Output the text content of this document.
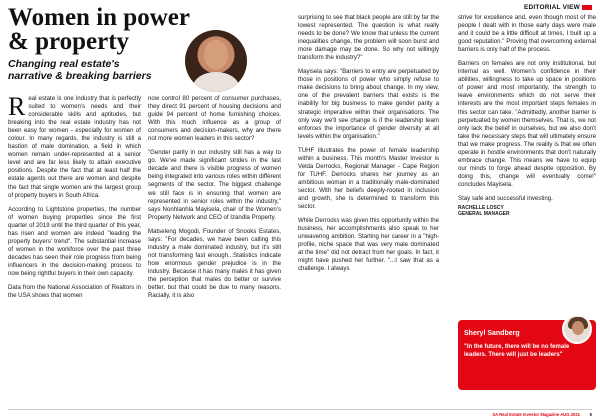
EDITORIAL VIEW
Women in power
& property
Changing real estate's
narrative & breaking barriers

Real estate is one industry that is perfectly suited to women's needs and their considerable skills and aptitudes, but breaking into the real estate industry has not been easy for women - especially for women of colour. In many regards, the industry is still a bastion of male domination, a field in which women remain under-represented at a senior level and are far less likely to attain executive positions. Despite the fact that at least half the estate agents out there are women and despite the fact that single women are the largest group of property buyers in South Africa.

According to Lightstone properties, the number of women buying properties since the first quarter of 2019 until the third quarter of this year, has risen and women are indeed "leading the property buyers' trend". The substantial increase of women in the workforce over the past three decades has seen their role progress from being influencers in the decision-making process to now being rightful buyers in their own capacity.

Data from the National Association of Realtors in the USA shows that women

now control 80 percent of consumer purchases, they direct 91 percent of housing decisions and guide 94 percent of home furnishing choices. With this much influence as a group of consumers and decision-makers, why are there not more women leaders in this sector?

"Gender parity in our industry still has a way to go. We've made significant strides in the last decade and there is visible progress of women being integrated into various roles within different segments of the sector. The biggest challenge we still face is in ensuring that women are represented in senior roles within the industry," says Nonhlanhla Mayisela, chair of the Women's Property Network and CEO of Izandla Property.

Matseleng Mogodi, Founder of Snooks Estates, says: "For decades, we have been calling this industry a male dominated industry, but it's still not transforming fast enough...Statistics indicate how enormous gender prejudice is in the industry. Because it has many males it has given the perception that males do better or survive better, but that could be due to many reasons. Racially, it is also

surprising to see that black people are still by far the lowest represented. The question is what really needs to be done? We know that unless the current inequalities change, the problem will soon burst and more damage may be done. So why not willingly transform the industry?"

Mayisela says: "Barriers to entry are perpetuated by those in positions of power who simply refuse to make decisions to bring about change. In my view, one of the prevalent barriers that exists is the inability for big business to make gender parity a strategic imperative within their organisations. The only way we'll see change is if the leadership team enforces the importance of gender diversity at all levels within the organisation."

TUHF illustrates the power of female leadership within a business. This month's Master Investor is Velda Derrocks, Regional Manager - Cape Region for TUHF. Derrocks shares her journey as an ambitious woman in a traditionally male-dominated sector. With her beliefs deeply-rooted in inclusion and growth, she is determined to transform this sector.

While Derrocks was given this opportunity within the business, her accomplishments also speak to her unwavering ambition. Starting her career in a "high-profile, niche space that was very male dominated at the time" did not detract from her goals. In fact, it might have pushed her further. "...I saw that as a challenge. I always

strive for excellence and, even though most of the people I dealt with in those early days were male and it could be a little difficult at times, I built up a good reputation." Proving that overcoming external barriers is only half of the process.

Barriers on females are not only institutional, but internal as well. Women's confidence in their abilities, willingness to take up space in positions of power and most importantly, the strength to leave environments which do not serve their interests are the most important steps females in this sector can take. "Admittedly, another barrier is perpetuated by women themselves. That is, we not only lack the belief in ourselves, but we also don't take the necessary steps that will ultimately ensure that we make progress. The reality is that we often operate in hostile environments that don't naturally embrace change. This means we have to equip our minds to forge ahead despite opposition. By doing this, change will eventually come!" concludes Mayisela.

Stay safe and successful investing.

RACHELLE LOSCY
GENERAL MANAGER
Sheryl Sandberg
"In the future, there will be no female leaders. There will just be leaders"
SA Real Estate Investor Magazine AUG 2021 5
